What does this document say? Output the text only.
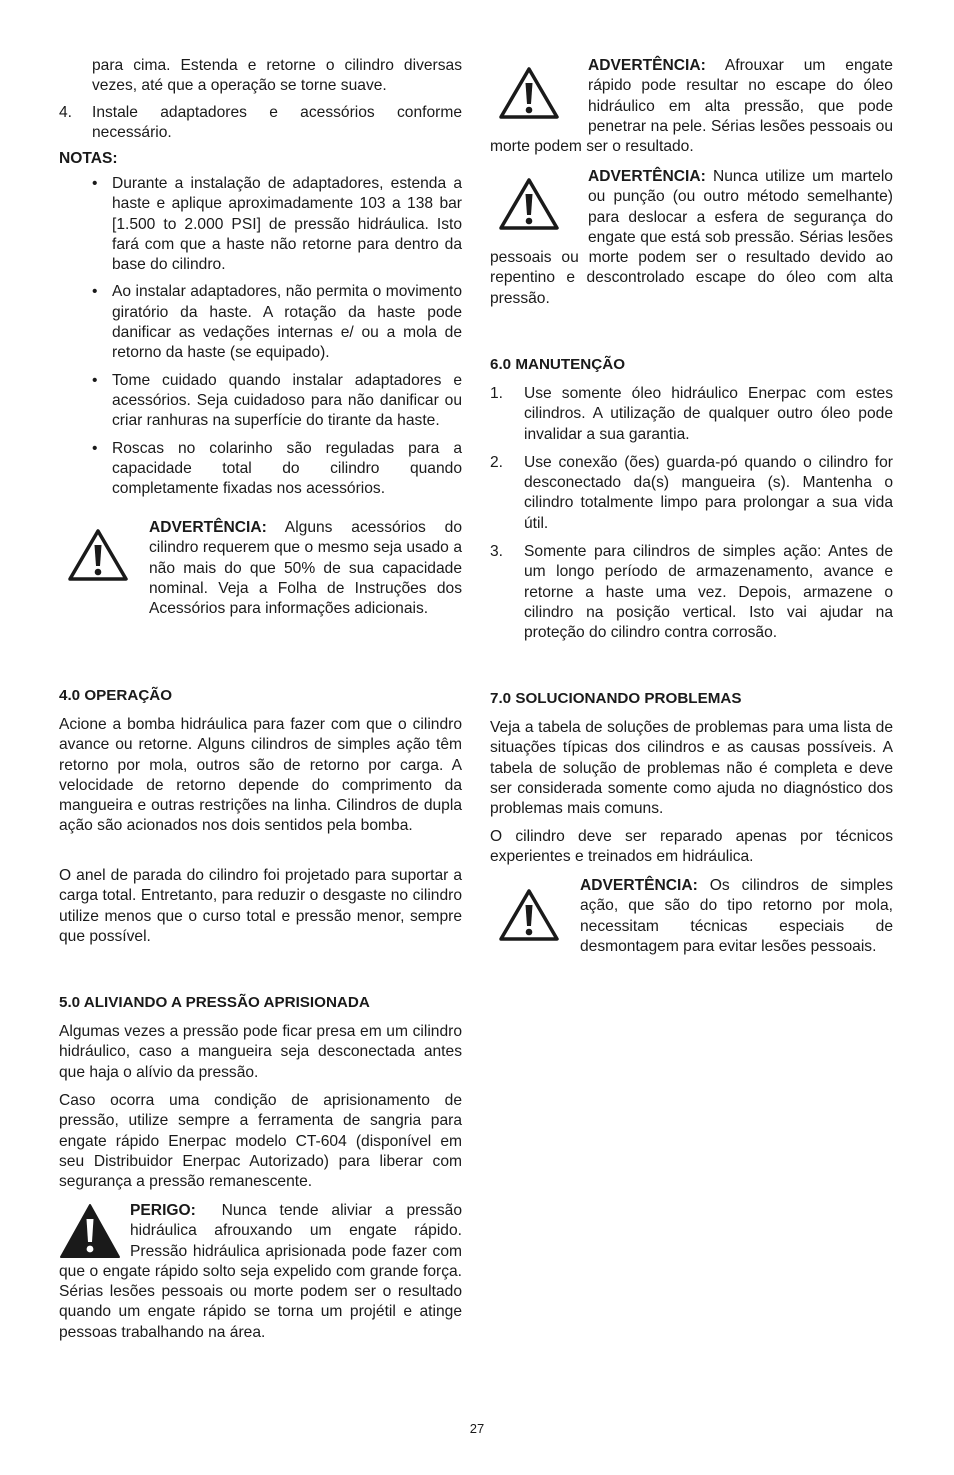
para cima. Estenda e retorne o cilindro diversas vezes, até que a operação se torne suave.

4.	Instale adaptadores e acessórios conforme necessário.
NOTAS:
• Durante a instalação de adaptadores, estenda a haste e aplique aproximadamente 103 a 138 bar [1.500 to 2.000 PSI] de pressão hidráulica. Isto fará com que a haste não retorne para dentro da base do cilindro.
• Ao instalar adaptadores, não permita o movimento giratório da haste. A rotação da haste pode danificar as vedações internas e/ ou a mola de retorno da haste (se equipado).
• Tome cuidado quando instalar adaptadores e acessórios. Seja cuidadoso para não danificar ou criar ranhuras na superfície do tirante da haste.
• Roscas no colarinho são reguladas para a capacidade total do cilindro quando completamente fixadas nos acessórios.

ADVERTÊNCIA: Alguns acessórios do cilindro requerem que o mesmo seja usado a não mais do que 50% de sua capacidade nominal. Veja a Folha de Instruções dos Acessórios para informações adicionais.

4.0 OPERAÇÃO

Acione a bomba hidráulica para fazer com que o cilindro avance ou retorne. Alguns cilindros de simples ação têm retorno por mola, outros são de retorno por carga. A velocidade de retorno depende do comprimento da mangueira e outras restrições na linha. Cilindros de dupla ação são acionados nos dois sentidos pela bomba.

O anel de parada do cilindro foi projetado para suportar a carga total. Entretanto, para reduzir o desgaste no cilindro utilize menos que o curso total e pressão menor, sempre que possível.

5.0 ALIVIANDO A PRESSÃO APRISIONADA

Algumas vezes a pressão pode ficar presa em um cilindro hidráulico, caso a mangueira seja desconectada antes que haja o alívio da pressão.

Caso ocorra uma condição de aprisionamento de pressão, utilize sempre a ferramenta de sangria para engate rápido Enerpac modelo CT-604 (disponível em seu Distribuidor Enerpac Autorizado) para liberar com segurança a pressão remanescente.

PERIGO: Nunca tende aliviar a pressão hidráulica afrouxando um engate rápido. Pressão hidráulica aprisionada pode fazer com que o engate rápido solto seja expelido com grande força. Sérias lesões pessoais ou morte podem ser o resultado quando um engate rápido se torna um projétil e atinge pessoas trabalhando na área.

ADVERTÊNCIA: Afrouxar um engate rápido pode resultar no escape do óleo hidráulico em alta pressão, que pode penetrar na pele. Sérias lesões pessoais ou morte podem ser o resultado.

ADVERTÊNCIA: Nunca utilize um martelo ou punção (ou outro método semelhante) para deslocar a esfera de segurança do engate que está sob pressão. Sérias lesões pessoais ou morte podem ser o resultado devido ao repentino e descontrolado escape do óleo com alta pressão.

6.0 MANUTENÇÃO
1.	Use somente óleo hidráulico Enerpac com estes cilindros. A utilização de qualquer outro óleo pode invalidar a sua garantia.
2.	Use conexão (ões) guarda-pó quando o cilindro for desconectado da(s) mangueira (s). Mantenha o cilindro totalmente limpo para prolongar a sua vida útil.
3.	Somente para cilindros de simples ação: Antes de um longo período de armazenamento, avance e retorne a haste uma vez. Depois, armazene o cilindro na posição vertical. Isto vai ajudar na proteção do cilindro contra corrosão.
7.0 SOLUCIONANDO PROBLEMAS

Veja a tabela de soluções de problemas para uma lista de situações típicas dos cilindros e as causas possíveis. A tabela de solução de problemas não é completa e deve ser considerada somente como ajuda no diagnóstico dos problemas mais comuns.

O cilindro deve ser reparado apenas por técnicos experientes e treinados em hidráulica.

ADVERTÊNCIA: Os cilindros de simples ação, que são do tipo retorno por mola, necessitam técnicas especiais de desmontagem para evitar lesões pessoais.

27
